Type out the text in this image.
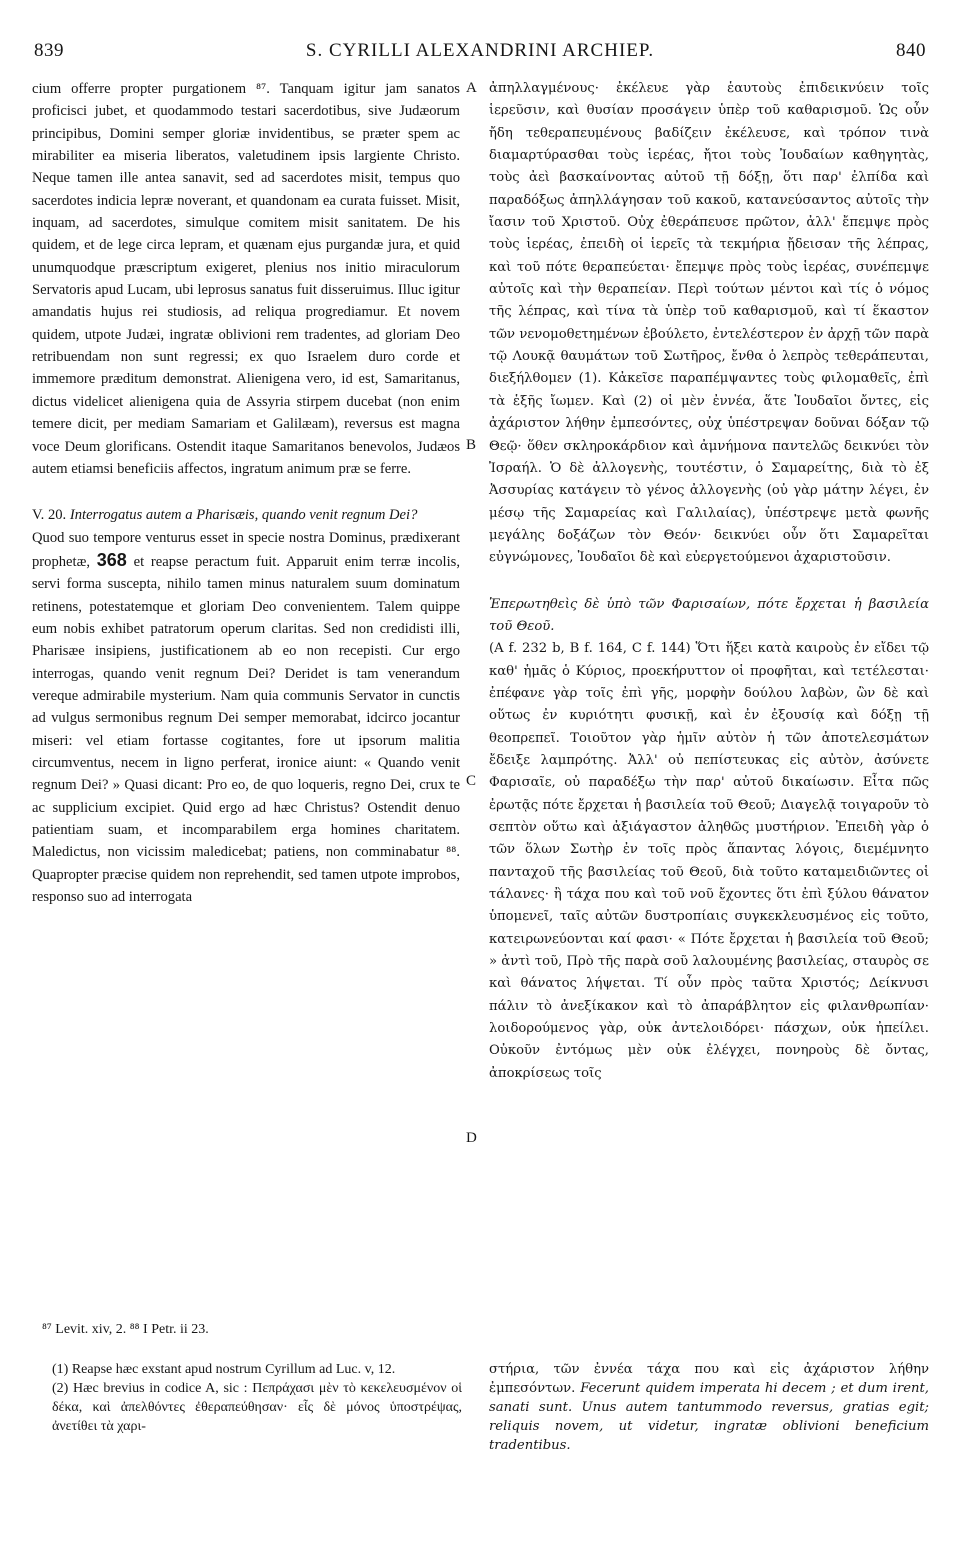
839	S. CYRILLI ALEXANDRINI ARCHIEP.	840

cium offerre propter purgationem ⁸⁷. Tanquam igitur jam sanatos proficisci jubet, et quodammodo testari sacerdotibus, sive Judæorum principibus, Domini semper gloriæ invidentibus, se præter spem ac mirabiliter ea miseria liberatos, valetudinem ipsis largiente Christo. Neque tamen ille antea sanavit, sed ad sacerdotes misit, tempus quo sacerdotes indicia lepræ noverant, et quandonam ea curata fuisset. Misit, inquam, ad sacerdotes, simulque comitem misit sanitatem. De his quidem, et de lege circa lepram, et quænam ejus purgandæ jura, et quid unumquodque præscriptum exigeret, plenius nos initio miraculorum Servatoris apud Lucam, ubi leprosus sanatus fuit disseruimus. Illuc igitur amandatis hujus rei studiosis, ad reliqua progrediamur. Et novem quidem, utpote Judæi, ingratæ oblivioni rem tradentes, ad gloriam Deo retribuendam non sunt regressi; ex quo Israelem duro corde et immemore præditum demonstrat. Alienigena vero, id est, Samaritanus, dictus videlicet alienigena quia de Assyria stirpem ducebat (non enim temere dicit, per mediam Samariam et Galilæam), reversus est magna voce Deum glorificans. Ostendit itaque Samaritanos benevolos, Judæos autem etiamsi beneficiis affectos, ingratum animum præ se ferre.

V. 20. Interrogatus autem a Pharisæis, quando venit regnum Dei?

Quod suo tempore venturus esset in specie nostra Dominus, prædixerant prophetæ, 368 et reapse peractum fuit. Apparuit enim terræ incolis, servi forma suscepta, nihilo tamen minus naturalem suum dominatum retinens, potestatemque et gloriam Deo convenientem. Talem quippe eum nobis exhibet patratorum operum claritas. Sed non credidisti illi, Pharisæe insipiens, justificationem ab eo non recepisti. Cur ergo interrogas, quando venit regnum Dei? Deridet is tam venerandum vereque admirabile mysterium. Nam quia communis Servator in cunctis ad vulgus sermonibus regnum Dei semper memorabat, idcirco jocantur miseri: vel etiam fortasse cogitantes, fore ut ipsorum malitia circumventus, necem in ligno perferat, ironice aiunt: « Quando venit regnum Dei? » Quasi dicant: Pro eo, de quo loqueris, regno Dei, crux te ac supplicium excipiet. Quid ergo ad hæc Christus? Ostendit denuo patientiam suam, et incomparabilem erga homines charitatem. Maledictus, non vicissim maledicebat; patiens, non comminabatur ⁸⁸. Quapropter præcise quidem non reprehendit, sed tamen utpote improbos, responso suo ad interrogata

A
B
C
D

ἀπηλλαγμένους· ἐκέλευε γὰρ ἑαυτοὺς ἐπιδεικνύειν τοῖς ἱερεῦσιν, καὶ θυσίαν προσάγειν ὑπὲρ τοῦ καθαρισμοῦ. Ὡς οὖν ἤδη τεθεραπευμένους βαδίζειν ἐκέλευσε, καὶ τρόπον τινὰ διαμαρτύρασθαι τοὺς ἱερέας, ἤτοι τοὺς Ἰουδαίων καθηγητὰς, τοὺς ἀεὶ βασκαίνοντας αὐτοῦ τῇ δόξῃ, ὅτι παρ' ἐλπίδα καὶ παραδόξως ἀπηλλάγησαν τοῦ κακοῦ, κατανεύσαντος αὐτοῖς τὴν ἴασιν τοῦ Χριστοῦ. Οὐχ ἐθεράπευσε πρῶτον, ἀλλ' ἔπεμψε πρὸς τοὺς ἱερέας, ἐπειδὴ οἱ ἱερεῖς τὰ τεκμήρια ᾔδεισαν τῆς λέπρας, καὶ τοῦ πότε θεραπεύεται· ἔπεμψε πρὸς τοὺς ἱερέας, συνέπεμψε αὐτοῖς καὶ τὴν θεραπείαν. Περὶ τούτων μέντοι καὶ τίς ὁ νόμος τῆς λέπρας, καὶ τίνα τὰ ὑπὲρ τοῦ καθαρισμοῦ, καὶ τί ἕκαστον τῶν νενομοθετημένων ἐβούλετο, ἐντελέστερον ἐν ἀρχῇ τῶν παρὰ τῷ Λουκᾷ θαυμάτων τοῦ Σωτῆρος, ἔνθα ὁ λεπρὸς τεθεράπευται, διεξήλθομεν (1). Κἀκεῖσε παραπέμψαντες τοὺς φιλομαθεῖς, ἐπὶ τὰ ἑξῆς ἴωμεν. Καὶ (2) οἱ μὲν ἐννέα, ἅτε Ἰουδαῖοι ὄντες, εἰς ἀχάριστον λήθην ἐμπεσόντες, οὐχ ὑπέστρεψαν δοῦναι δόξαν τῷ Θεῷ· ὅθεν σκληροκάρδιον καὶ ἀμνήμονα παντελῶς δεικνύει τὸν Ἰσραήλ. Ὁ δὲ ἀλλογενὴς, τουτέστιν, ὁ Σαμαρείτης, διὰ τὸ ἐξ Ἀσσυρίας κατάγειν τὸ γένος ἀλλογενὴς (οὐ γὰρ μάτην λέγει, ἐν μέσῳ τῆς Σαμαρείας καὶ Γαλιλαίας), ὑπέστρεψε μετὰ φωνῆς μεγάλης δοξάζων τὸν Θεόν· δεικνύει οὖν ὅτι Σαμαρεῖται εὐγνώμονες, Ἰουδαῖοι δὲ καὶ εὐεργετούμενοι ἀχαριστοῦσιν.

Ἐπερωτηθεὶς δὲ ὑπὸ τῶν Φαρισαίων, πότε ἔρχεται ἡ βασιλεία τοῦ Θεοῦ.

(A f. 232 b, B f. 164, C f. 144) Ὅτι ἥξει κατὰ καιροὺς ἐν εἴδει τῷ καθ' ἡμᾶς ὁ Κύριος, προεκήρυττον οἱ προφῆται, καὶ τετέλεσται· ἐπέφανε γὰρ τοῖς ἐπὶ γῆς, μορφὴν δούλου λαβὼν, ὢν δὲ καὶ οὕτως ἐν κυριότητι φυσικῇ, καὶ ἐν ἐξουσίᾳ καὶ δόξῃ τῇ θεοπρεπεῖ. Τοιοῦτον γὰρ ἡμῖν αὐτὸν ἡ τῶν ἀποτελεσμάτων ἔδειξε λαμπρότης. Ἀλλ' οὐ πεπίστευκας εἰς αὐτὸν, ἀσύνετε Φαρισαῖε, οὐ παραδέξω τὴν παρ' αὐτοῦ δικαίωσιν. Εἶτα πῶς ἐρωτᾷς πότε ἔρχεται ἡ βασιλεία τοῦ Θεοῦ; Διαγελᾷ τοιγαροῦν τὸ σεπτὸν οὕτω καὶ ἀξιάγαστον ἀληθῶς μυστήριον. Ἐπειδὴ γὰρ ὁ τῶν ὅλων Σωτὴρ ἐν τοῖς πρὸς ἅπαντας λόγοις, διεμέμνητο πανταχοῦ τῆς βασιλείας τοῦ Θεοῦ, διὰ τοῦτο καταμειδιῶντες οἱ τάλανες· ἢ τάχα που καὶ τοῦ νοῦ ἔχοντες ὅτι ἐπὶ ξύλου θάνατον ὑπομενεῖ, ταῖς αὐτῶν δυστροπίαις συγκεκλευσμένος εἰς τοῦτο, κατειρωνεύονται καί φασι· « Πότε ἔρχεται ἡ βασιλεία τοῦ Θεοῦ; » ἀντὶ τοῦ, Πρὸ τῆς παρὰ σοῦ λαλουμένης βασιλείας, σταυρὸς σε καὶ θάνατος λήψεται. Τί οὖν πρὸς ταῦτα Χριστός; Δείκνυσι πάλιν τὸ ἀνεξίκακον καὶ τὸ ἀπαράβλητον εἰς φιλανθρωπίαν· λοιδορούμενος γὰρ, οὐκ ἀντελοιδόρει· πάσχων, οὐκ ἠπείλει. Οὐκοῦν ἐντόμως μὲν οὐκ ἐλέγχει, πονηροὺς δὲ ὄντας, ἀποκρίσεως τοῖς

⁸⁷ Levit. xiv, 2. ⁸⁸ I Petr. ii 23.

(1) Reapse hæc exstant apud nostrum Cyrillum ad Luc. v, 12.

(2) Hæc brevius in codice A, sic : Πεπράχασι μὲν τὸ κεκελευσμένον οἱ δέκα, καὶ ἀπελθόντες ἐθεραπεύθησαν· εἷς δὲ μόνος ὑποστρέψας, ἀνετίθει τὰ χαρι-

στήρια, τῶν ἐννέα τάχα που καὶ εἰς ἀχάριστον λήθην ἐμπεσόντων. Fecerunt quidem imperata hi decem ; et dum irent, sanati sunt. Unus autem tantummodo reversus, gratias egit; reliquis novem, ut videtur, ingratæ oblivioni beneficium tradentibus.
